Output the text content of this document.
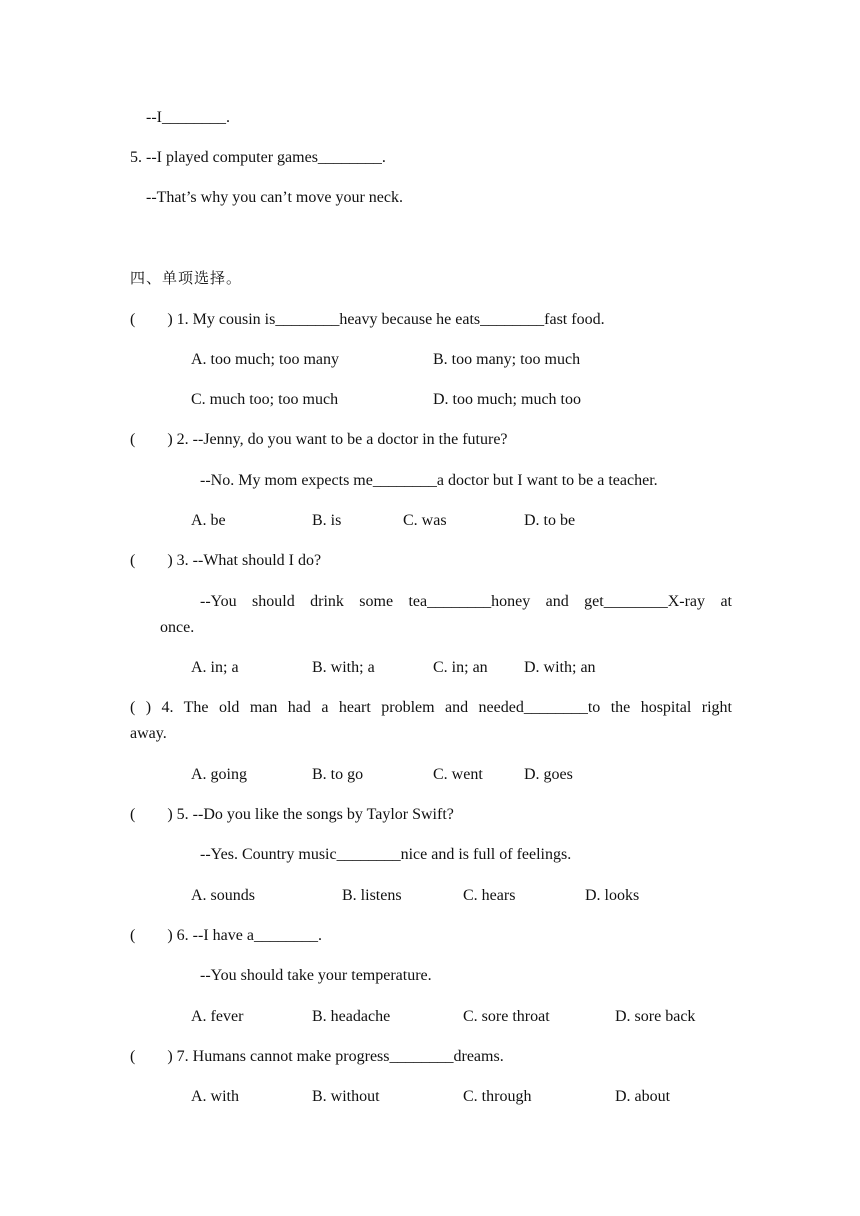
--I________.
5. --I played computer games________.
--That’s why you can’t move your neck.
四、单项选择。
(        ) 1. My cousin is________heavy because he eats________fast food.
A. too much; too many	B. too many; too much
C. much too; too much	D. too much; much too
(        ) 2. --Jenny, do you want to be a doctor in the future?
--No. My mom expects me________a doctor but I want to be a teacher.
A. be	B. is	C. was	D. to be
(        ) 3. --What should I do?
--You should drink some tea________honey and get________X-ray at
once.
A. in; a	B. with; a	C. in; an D. with; an
( ) 4. The old man had a heart problem and needed________to the hospital right
away.
A. going	B. to go	C. went	D. goes
(        ) 5. --Do you like the songs by Taylor Swift?
--Yes. Country music________nice and is full of feelings.
A. sounds	B. listens	C. hears	D. looks
(        ) 6. --I have a________.
--You should take your temperature.
A. fever	B. headache	C. sore throat	D. sore back
(        ) 7. Humans cannot make progress________dreams.
A. with	B. without	C. through	D. about
